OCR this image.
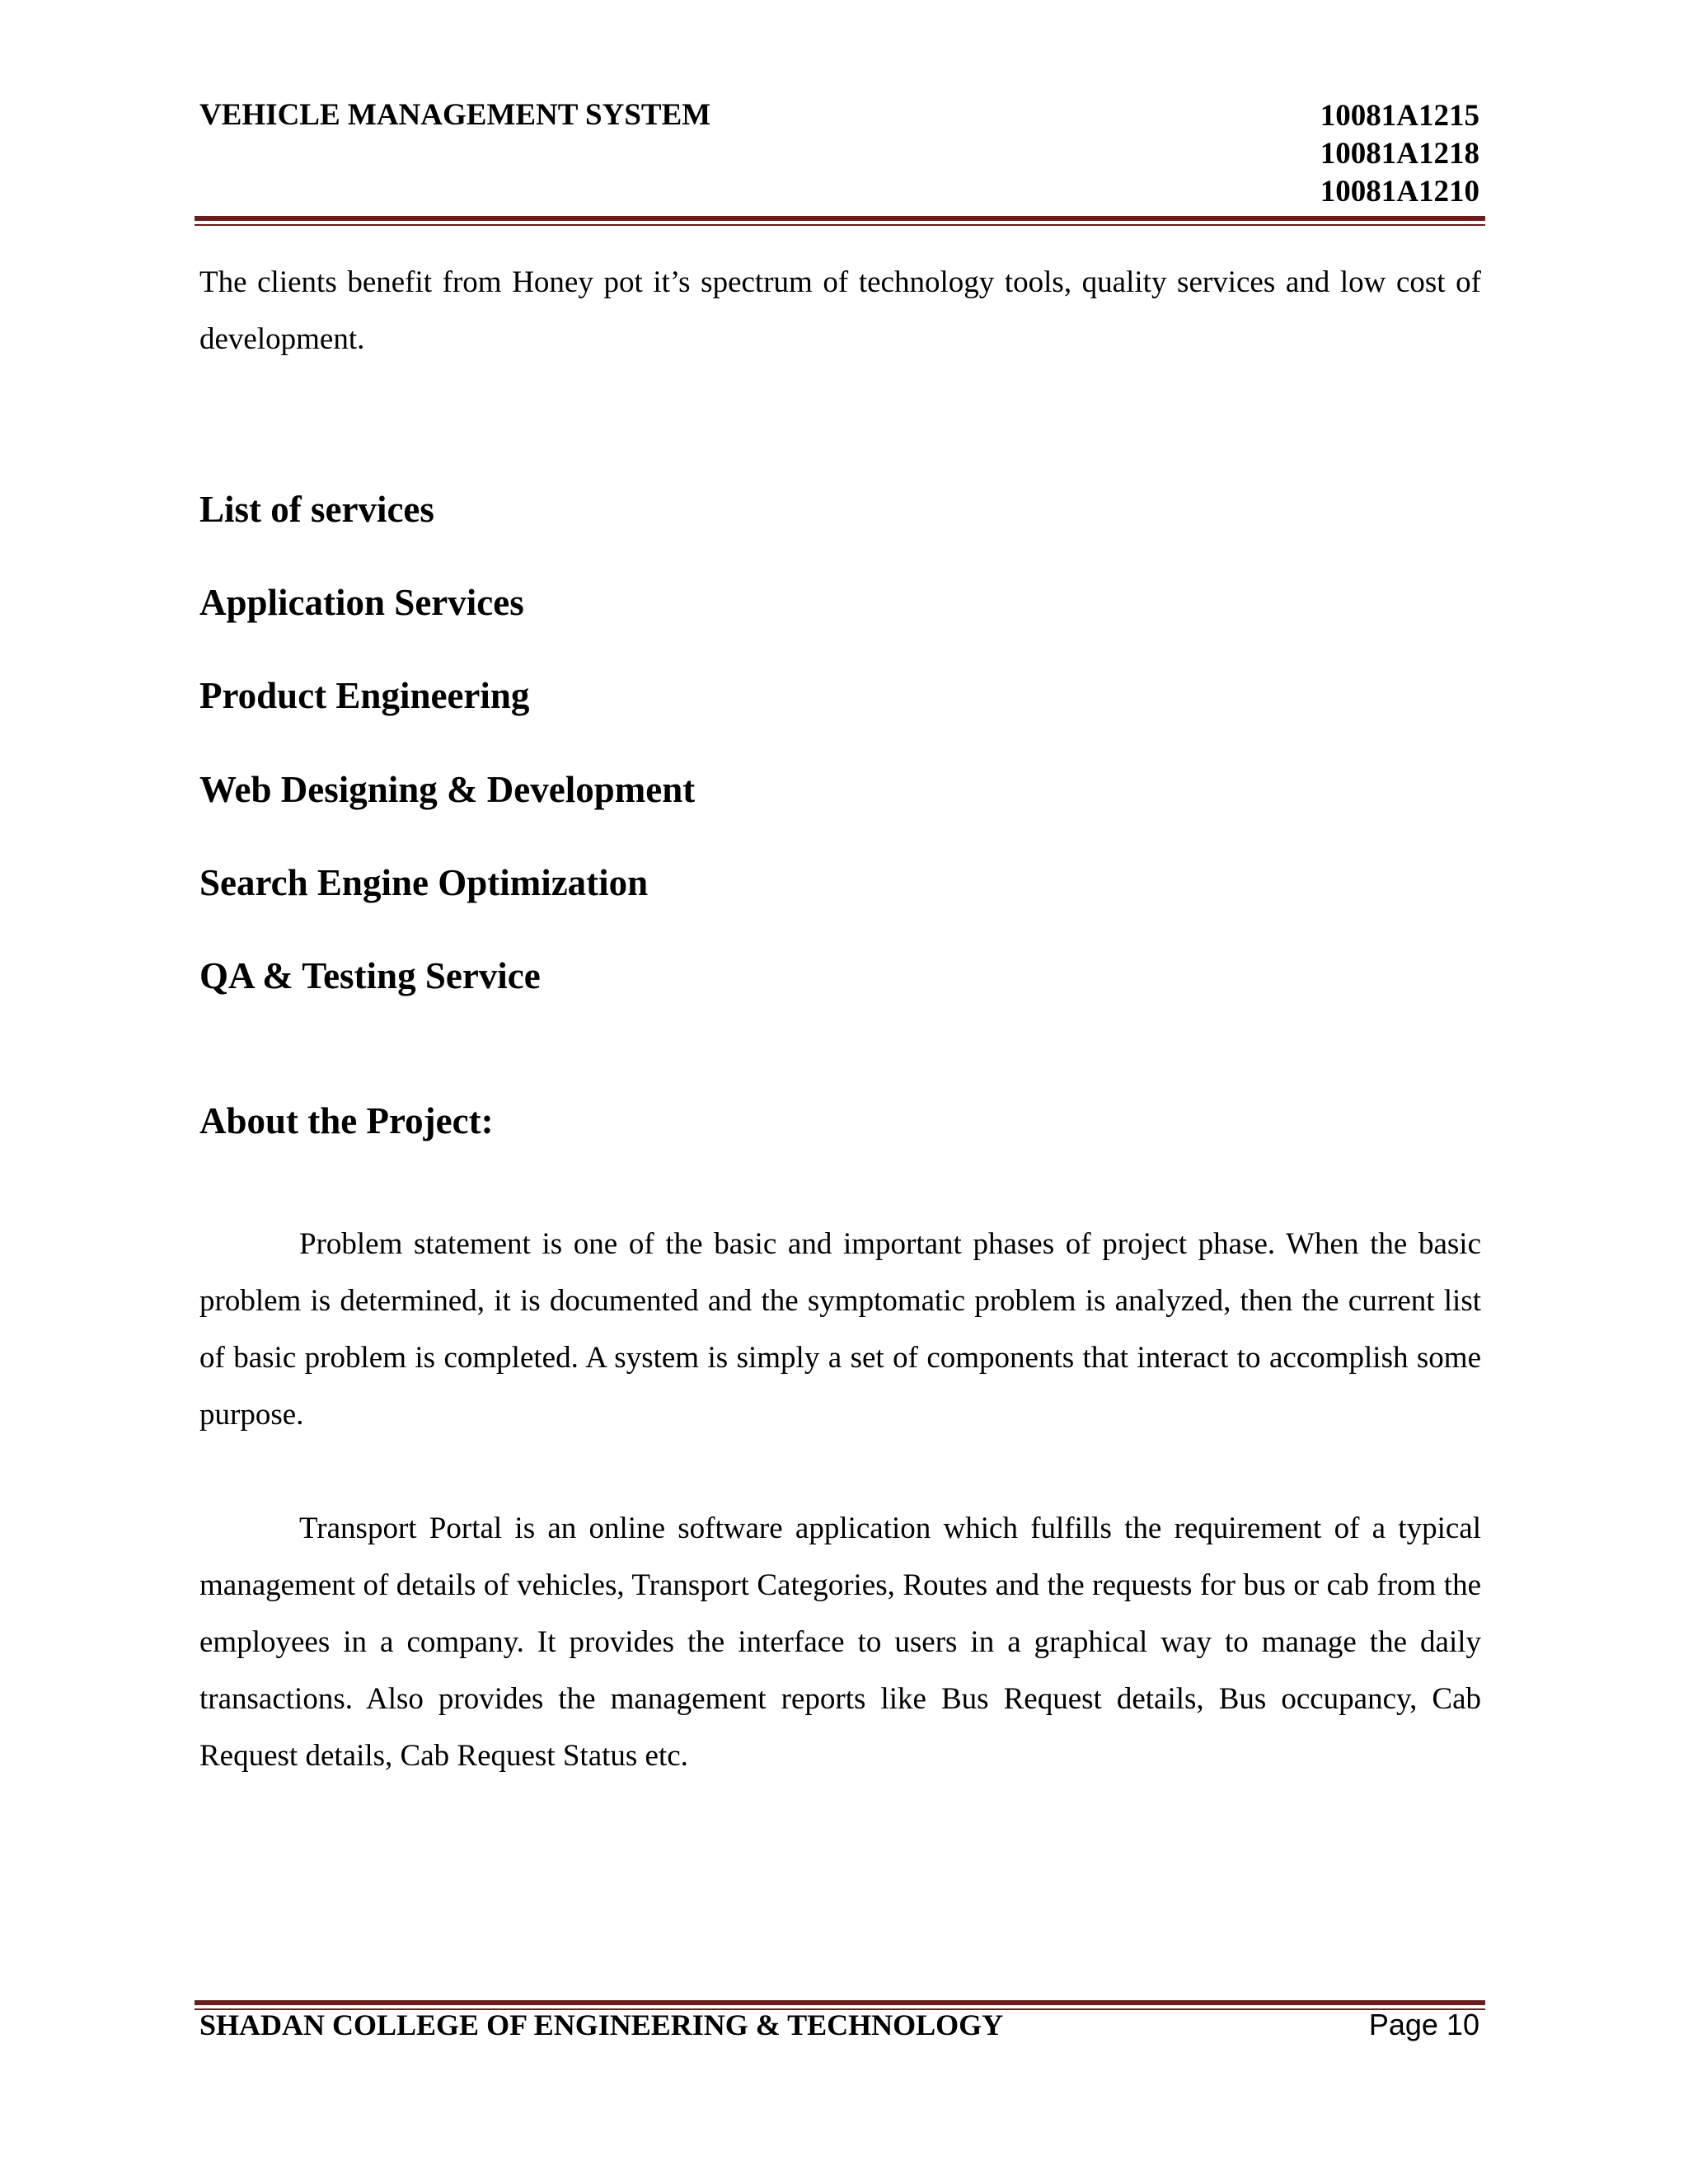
VEHICLE MANAGEMENT SYSTEM	10081A1215
10081A1218
10081A1210

The clients benefit from Honey pot it’s spectrum of technology tools, quality services and low cost of development.

List of services
Application Services
Product Engineering
Web Designing & Development
Search Engine Optimization
QA & Testing Service
About the Project:

Problem statement is one of the basic and important phases of project phase. When the basic problem is determined, it is documented and the symptomatic problem is analyzed, then the current list of basic problem is completed. A system is simply a set of components that interact to accomplish some purpose.

Transport Portal is an online software application which fulfills the requirement of a typical management of details of vehicles, Transport Categories, Routes and the requests for bus or cab from the employees in a company. It provides the interface to users in a graphical way to manage the daily transactions. Also provides the management reports like Bus Request details, Bus occupancy, Cab Request details, Cab Request Status etc.

SHADAN COLLEGE OF ENGINEERING & TECHNOLOGY	Page 10
